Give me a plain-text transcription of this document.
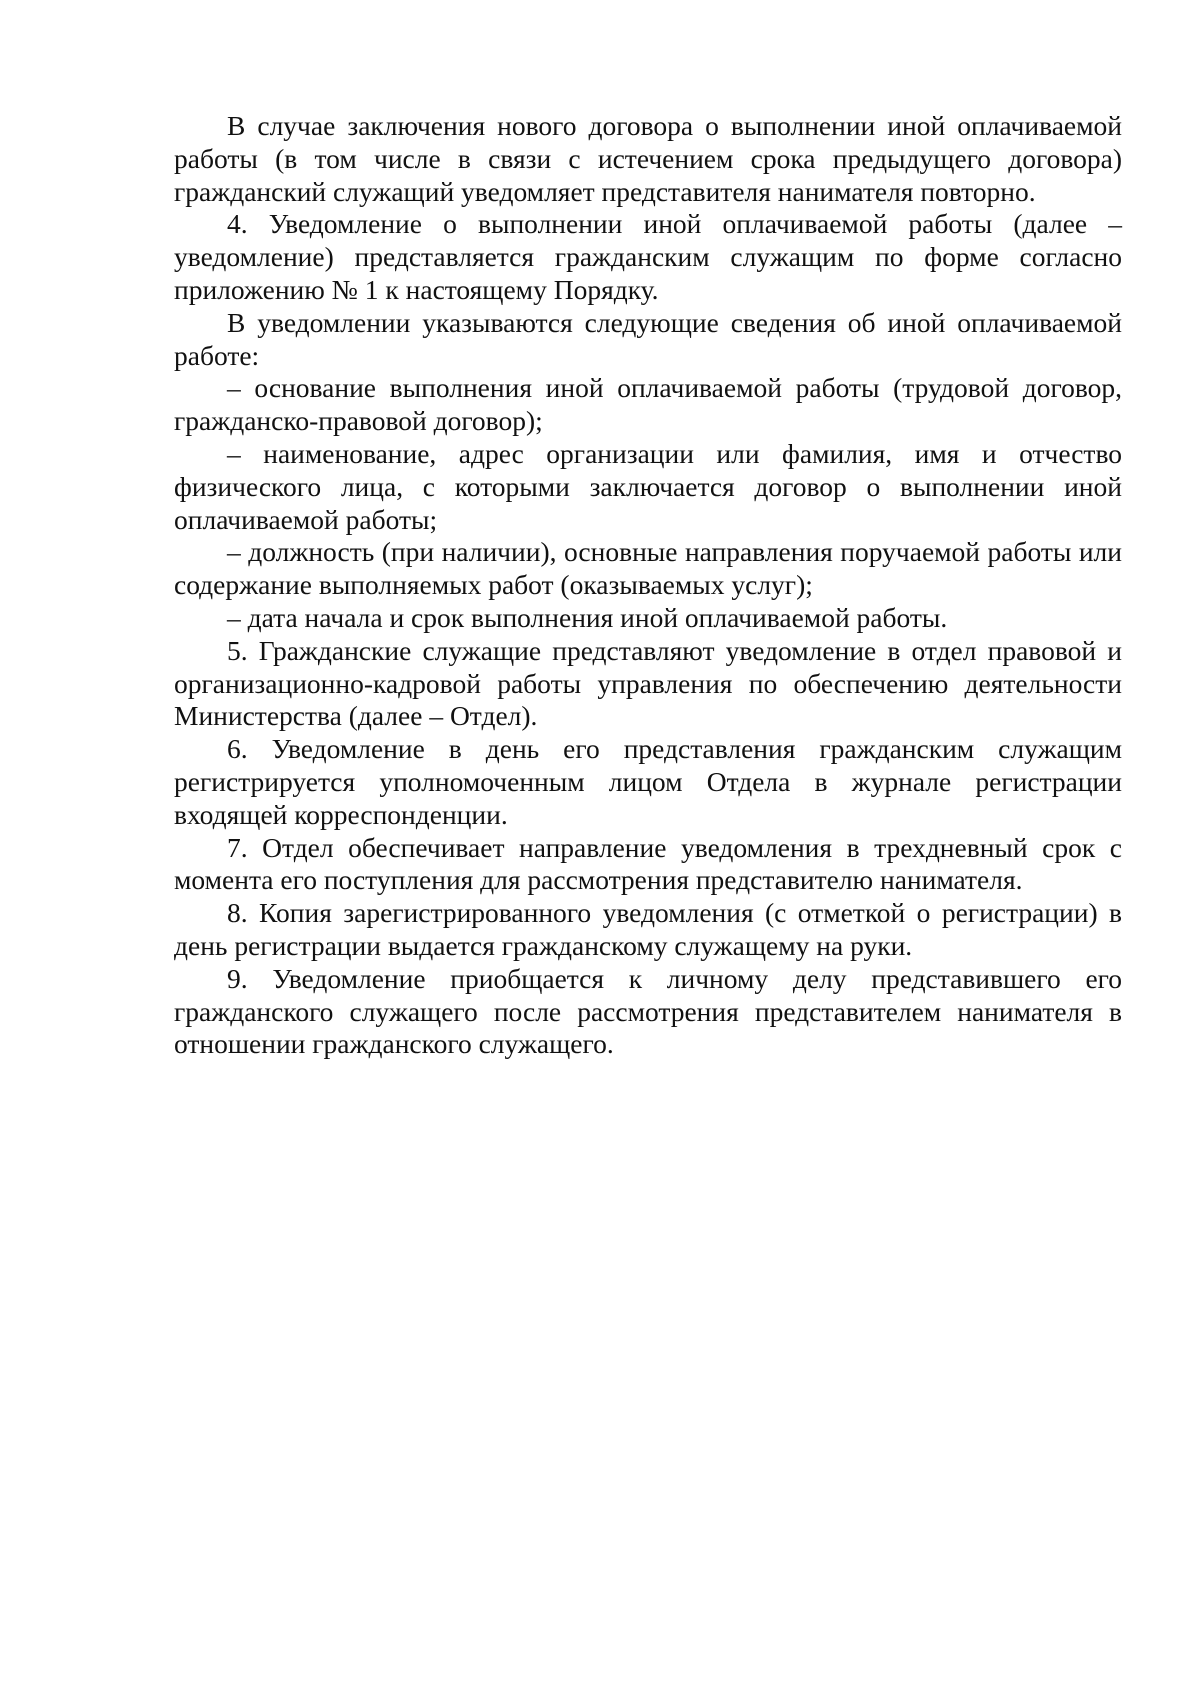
В случае заключения нового договора о выполнении иной оплачиваемой работы (в том числе в связи с истечением срока предыдущего договора) гражданский служащий уведомляет представителя нанимателя повторно.

4. Уведомление о выполнении иной оплачиваемой работы (далее – уведомление) представляется гражданским служащим по форме согласно приложению № 1 к настоящему Порядку.

В уведомлении указываются следующие сведения об иной оплачиваемой работе:

– основание выполнения иной оплачиваемой работы (трудовой договор, гражданско-правовой договор);

– наименование, адрес организации или фамилия, имя и отчество физического лица, с которыми заключается договор о выполнении иной оплачиваемой работы;

– должность (при наличии), основные направления поручаемой работы или содержание выполняемых работ (оказываемых услуг);

– дата начала и срок выполнения иной оплачиваемой работы.

5. Гражданские служащие представляют уведомление в отдел правовой и организационно-кадровой работы управления по обеспечению деятельности Министерства (далее – Отдел).

6. Уведомление в день его представления гражданским служащим регистрируется уполномоченным лицом Отдела в журнале регистрации входящей корреспонденции.

7. Отдел обеспечивает направление уведомления в трехдневный срок с момента его поступления для рассмотрения представителю нанимателя.

8. Копия зарегистрированного уведомления (с отметкой о регистрации) в день регистрации выдается гражданскому служащему на руки.

9. Уведомление приобщается к личному делу представившего его гражданского служащего после рассмотрения представителем нанимателя в отношении гражданского служащего.
